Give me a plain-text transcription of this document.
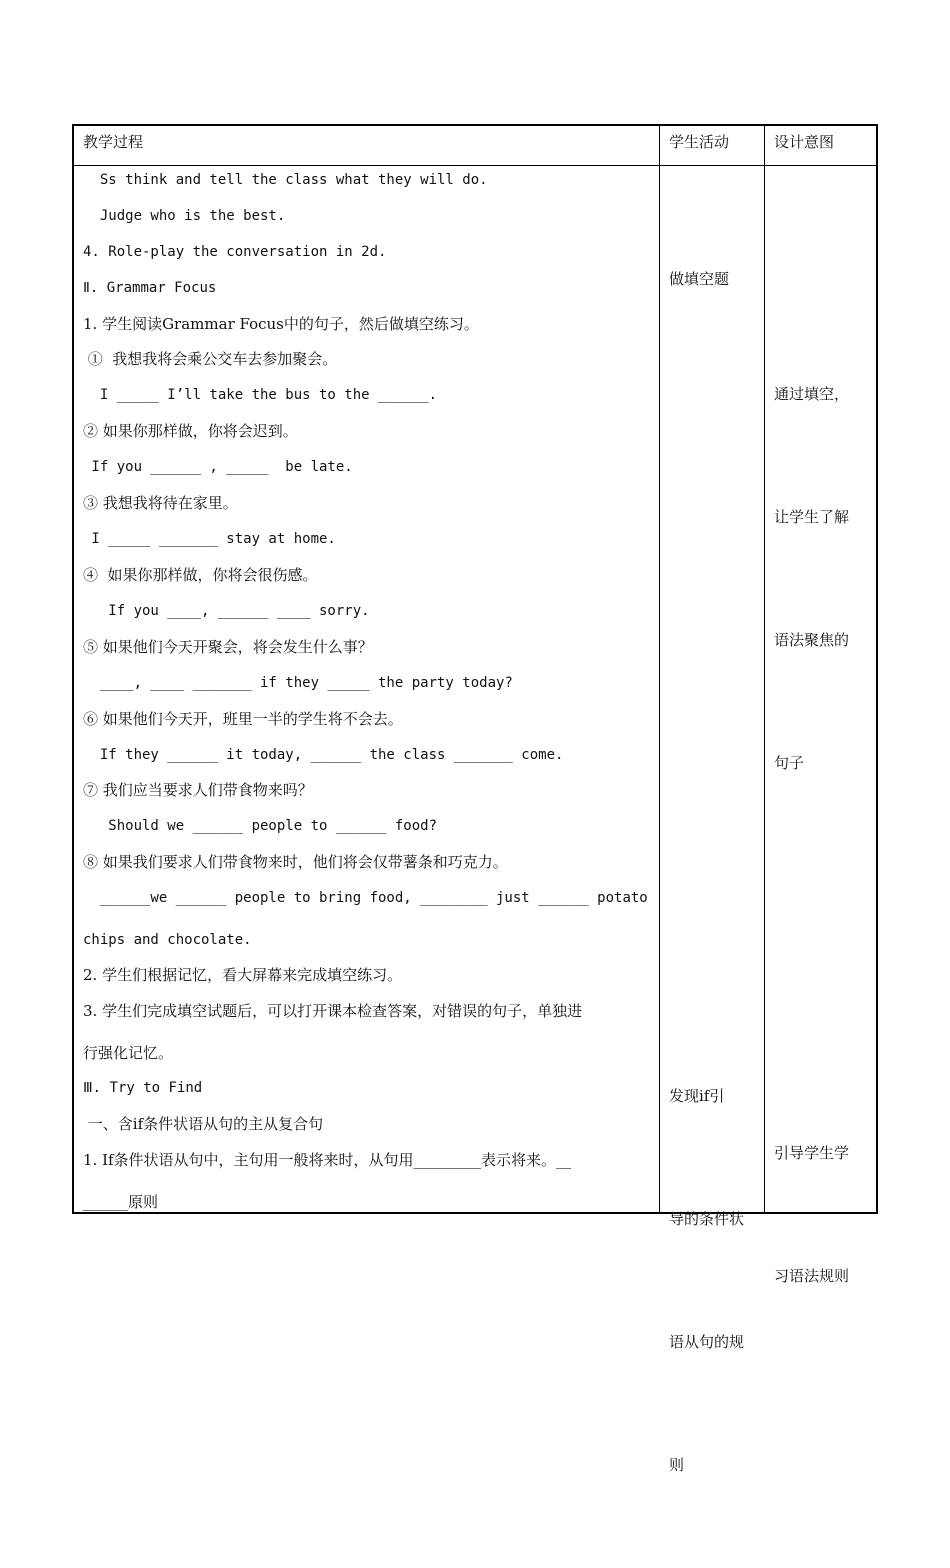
教学过程	学生活动	设计意图
Ss think and tell the class what they will do.
Judge who is the best.
4. Role-play the conversation in 2d.
Ⅱ. Grammar Focus
1. 学生阅读Grammar Focus中的句子，然后做填空练习。
①  我想我将会乘公交车去参加聚会。
I _____ I’ll take the bus to the ______.
② 如果你那样做，你将会迟到。
If you ______ , _____  be late.
③ 我想我将待在家里。
I _____ _______ stay at home.
④  如果你那样做，你将会很伤感。
If you ____, ______ ____ sorry.
⑤ 如果他们今天开聚会，将会发生什么事？
____, ____ _______ if they _____ the party today?
⑥ 如果他们今天开，班里一半的学生将不会去。
If they ______ it today, ______ the class _______ come.
⑦ 我们应当要求人们带食物来吗？
Should we ______ people to ______ food?
⑧ 如果我们要求人们带食物来时，他们将会仅带薯条和巧克力。
______we ______ people to bring food, ________ just ______ potato
chips and chocolate.
2. 学生们根据记忆，看大屏幕来完成填空练习。
3. 学生们完成填空试题后，可以打开课本检查答案，对错误的句子，单独进
行强化记忆。
Ⅲ. Try to Find
一、含if条件状语从句的主从复合句
1. If条件状语从句中，主句用一般将来时，从句用_________表示将来。__
______原则
做填空题

通过填空，

让学生了解

语法聚焦的

句子

发现if引

导的条件状

语从句的规

则

引导学生学

习语法规则
